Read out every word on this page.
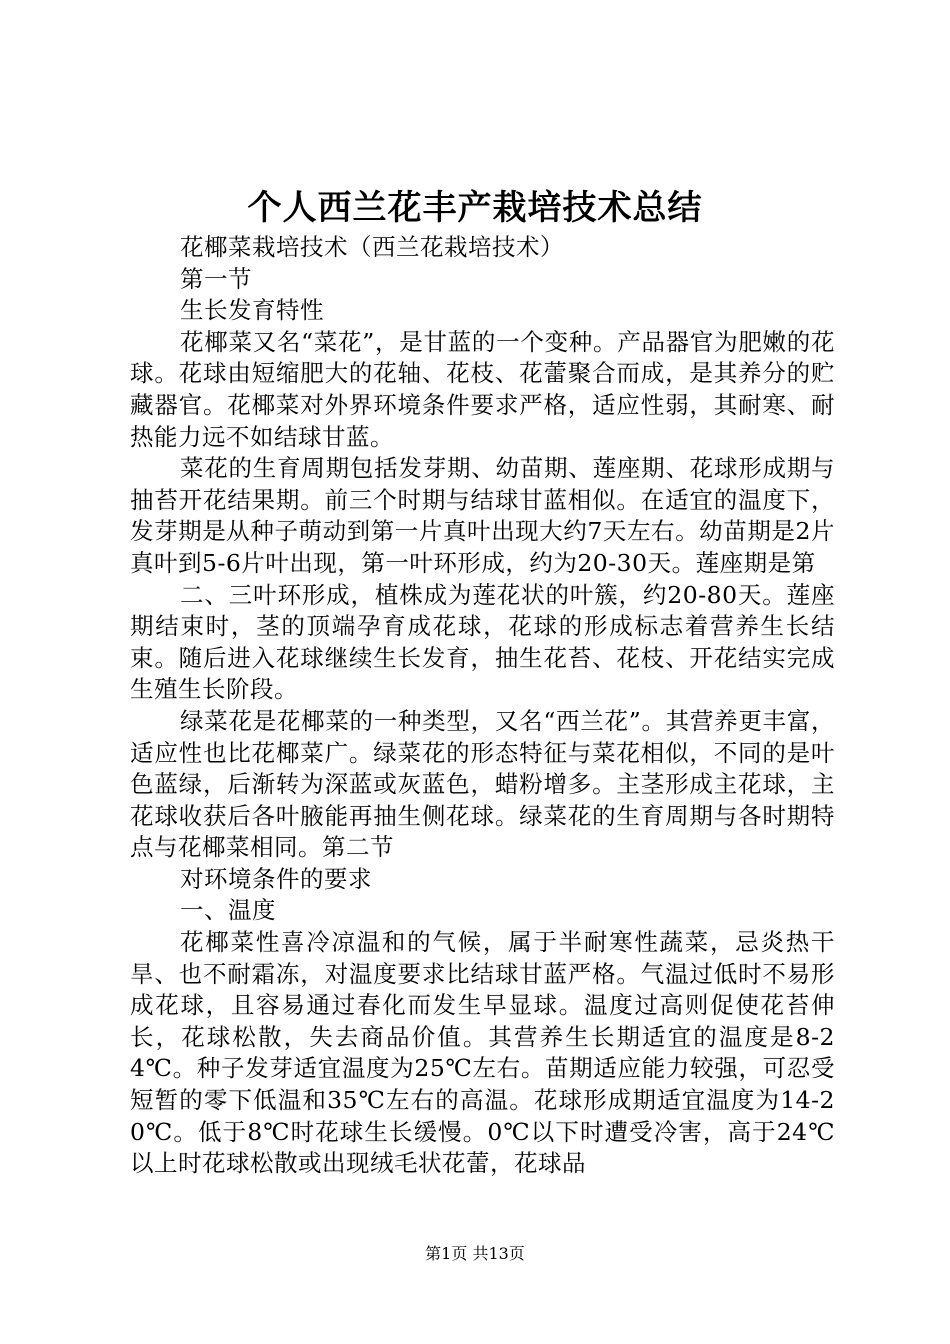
个人西兰花丰产栽培技术总结

花椰菜栽培技术（西兰花栽培技术）

第一节

生长发育特性

花椰菜又名“菜花”，是甘蓝的一个变种。产品器官为肥嫩的花球。花球由短缩肥大的花轴、花枝、花蕾聚合而成，是其养分的贮藏器官。花椰菜对外界环境条件要求严格，适应性弱，其耐寒、耐热能力远不如结球甘蓝。

菜花的生育周期包括发芽期、幼苗期、莲座期、花球形成期与抽苔开花结果期。前三个时期与结球甘蓝相似。在适宜的温度下，发芽期是从种子萌动到第一片真叶出现大约7天左右。幼苗期是2片真叶到5-6片叶出现，第一叶环形成，约为20-30天。莲座期是第

二、三叶环形成，植株成为莲花状的叶簇，约20-80天。莲座期结束时，茎的顶端孕育成花球，花球的形成标志着营养生长结束。随后进入花球继续生长发育，抽生花苔、花枝、开花结实完成生殖生长阶段。

绿菜花是花椰菜的一种类型，又名“西兰花”。其营养更丰富，适应性也比花椰菜广。绿菜花的形态特征与菜花相似，不同的是叶色蓝绿，后渐转为深蓝或灰蓝色，蜡粉增多。主茎形成主花球，主花球收获后各叶腋能再抽生侧花球。绿菜花的生育周期与各时期特点与花椰菜相同。第二节

对环境条件的要求

一、温度

花椰菜性喜冷凉温和的气候，属于半耐寒性蔬菜，忌炎热干旱、也不耐霜冻，对温度要求比结球甘蓝严格。气温过低时不易形成花球，且容易通过春化而发生早显球。温度过高则促使花苔伸长，花球松散，失去商品价值。其营养生长期适宜的温度是8-24℃。种子发芽适宜温度为25℃左右。苗期适应能力较强，可忍受短暂的零下低温和35℃左右的高温。花球形成期适宜温度为14-20℃。低于8℃时花球生长缓慢。0℃以下时遭受冷害，高于24℃以上时花球松散或出现绒毛状花蕾，花球品

第1页 共13页
